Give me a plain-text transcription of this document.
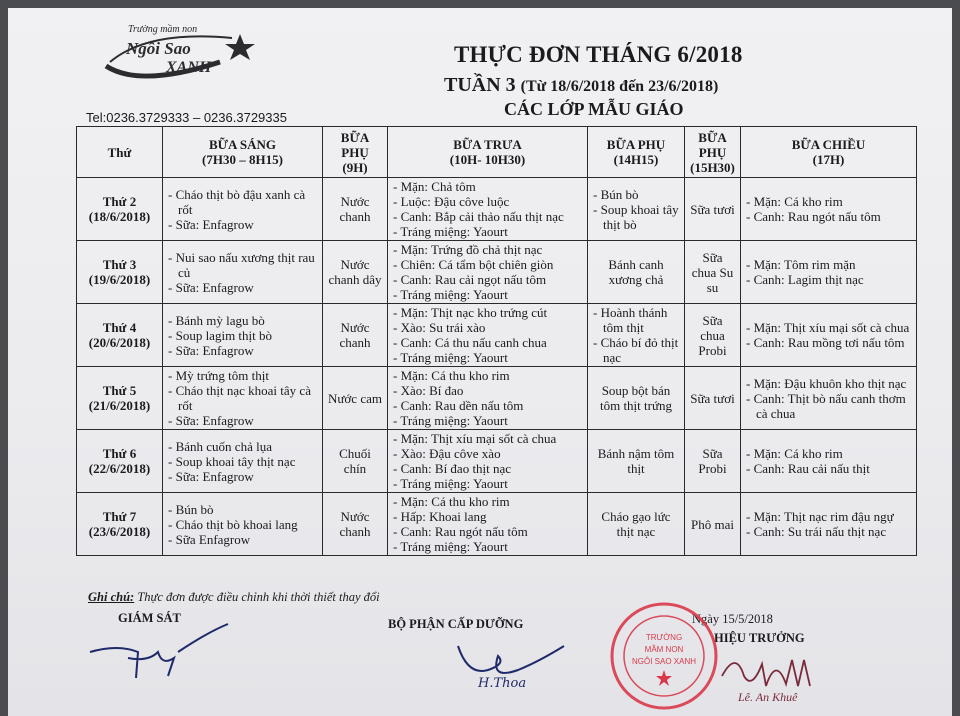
Trường mầm non
Ngôi Sao
XANH
THỰC ĐƠN THÁNG 6/2018
TUẦN 3 (Từ 18/6/2018 đến 23/6/2018)
CÁC LỚP MẪU GIÁO
Tel:0236.3729333 – 0236.3729335
Thứ	BỮA SÁNG
(7H30 – 8H15)	BỮA
PHỤ
(9H)	BỮA TRƯA
(10H- 10H30)	BỮA PHỤ
(14H15)	BỮA
PHỤ
(15H30)	BỮA CHIỀU
(17H)

Thứ 2
(18/6/2018)	- Cháo thịt bò đậu xanh cà rốt
- Sữa: Enfagrow	Nước chanh	- Mặn: Chả tôm
- Luộc: Đậu côve luộc
- Canh: Bắp cải thảo nấu thịt nạc
- Tráng miệng: Yaourt	- Bún bò
- Soup khoai tây thịt bò	Sữa tươi	- Mặn: Cá kho rim
- Canh: Rau ngót nấu tôm

Thứ 3
(19/6/2018)	- Nui sao nấu xương thịt rau củ
- Sữa: Enfagrow	Nước chanh dây	- Mặn: Trứng đồ chả thịt nạc
- Chiên: Cá tẩm bột chiên giòn
- Canh: Rau cải ngọt nấu tôm
- Tráng miệng: Yaourt	Bánh canh xương chả	Sữa chua Su su	- Mặn: Tôm rim mặn
- Canh: Lagim thịt nạc

Thứ 4
(20/6/2018)	- Bánh mỳ lagu bò
- Soup lagim thịt bò
- Sữa: Enfagrow	Nước chanh	- Mặn: Thịt nạc kho trứng cút
- Xào: Su trái xào
- Canh: Cá thu nấu canh chua
- Tráng miệng: Yaourt	- Hoành thánh tôm thịt
- Cháo bí đỏ thịt nạc	Sữa chua Probi	- Mặn: Thịt xíu mại sốt cà chua
- Canh: Rau mồng tơi nấu tôm

Thứ 5
(21/6/2018)	- Mỳ trứng tôm thịt
- Cháo thịt nạc khoai tây cà rốt
- Sữa: Enfagrow	Nước cam	- Mặn: Cá thu kho rim
- Xào: Bí đao
- Canh: Rau dền nấu tôm
- Tráng miệng: Yaourt	Soup bột bán tôm thịt trứng	Sữa tươi	- Mặn: Đậu khuôn kho thịt nạc
- Canh: Thịt bò nấu canh thơm cà chua

Thứ 6
(22/6/2018)	- Bánh cuốn chả lụa
- Soup khoai tây thịt nạc
- Sữa: Enfagrow	Chuối chín	- Mặn: Thịt xíu mại sốt cà chua
- Xào: Đậu côve xào
- Canh: Bí đao thịt nạc
- Tráng miệng: Yaourt	Bánh nậm tôm thịt	Sữa Probi	- Mặn: Cá kho rim
- Canh: Rau cải nấu thịt

Thứ 7
(23/6/2018)	- Bún bò
- Cháo thịt bò khoai lang
- Sữa Enfagrow	Nước chanh	- Mặn: Cá thu kho rim
- Hấp: Khoai lang
- Canh: Rau ngót nấu tôm
- Tráng miệng: Yaourt	Cháo gạo lức thịt nạc	Phô mai	- Mặn: Thịt nạc rim đậu ngự
- Canh: Su trái nấu thịt nạc
Ghi chú: Thực đơn được điều chỉnh khi thời thiết thay đổi
GIÁM SÁT	BỘ PHẬN CẤP DƯỠNG	Ngày 15/5/2018
HIỆU TRƯỞNG
H.Thoa
TRƯỜNG
MẦM NON
NGÔI SAO XANH
Lê. An Khuê
